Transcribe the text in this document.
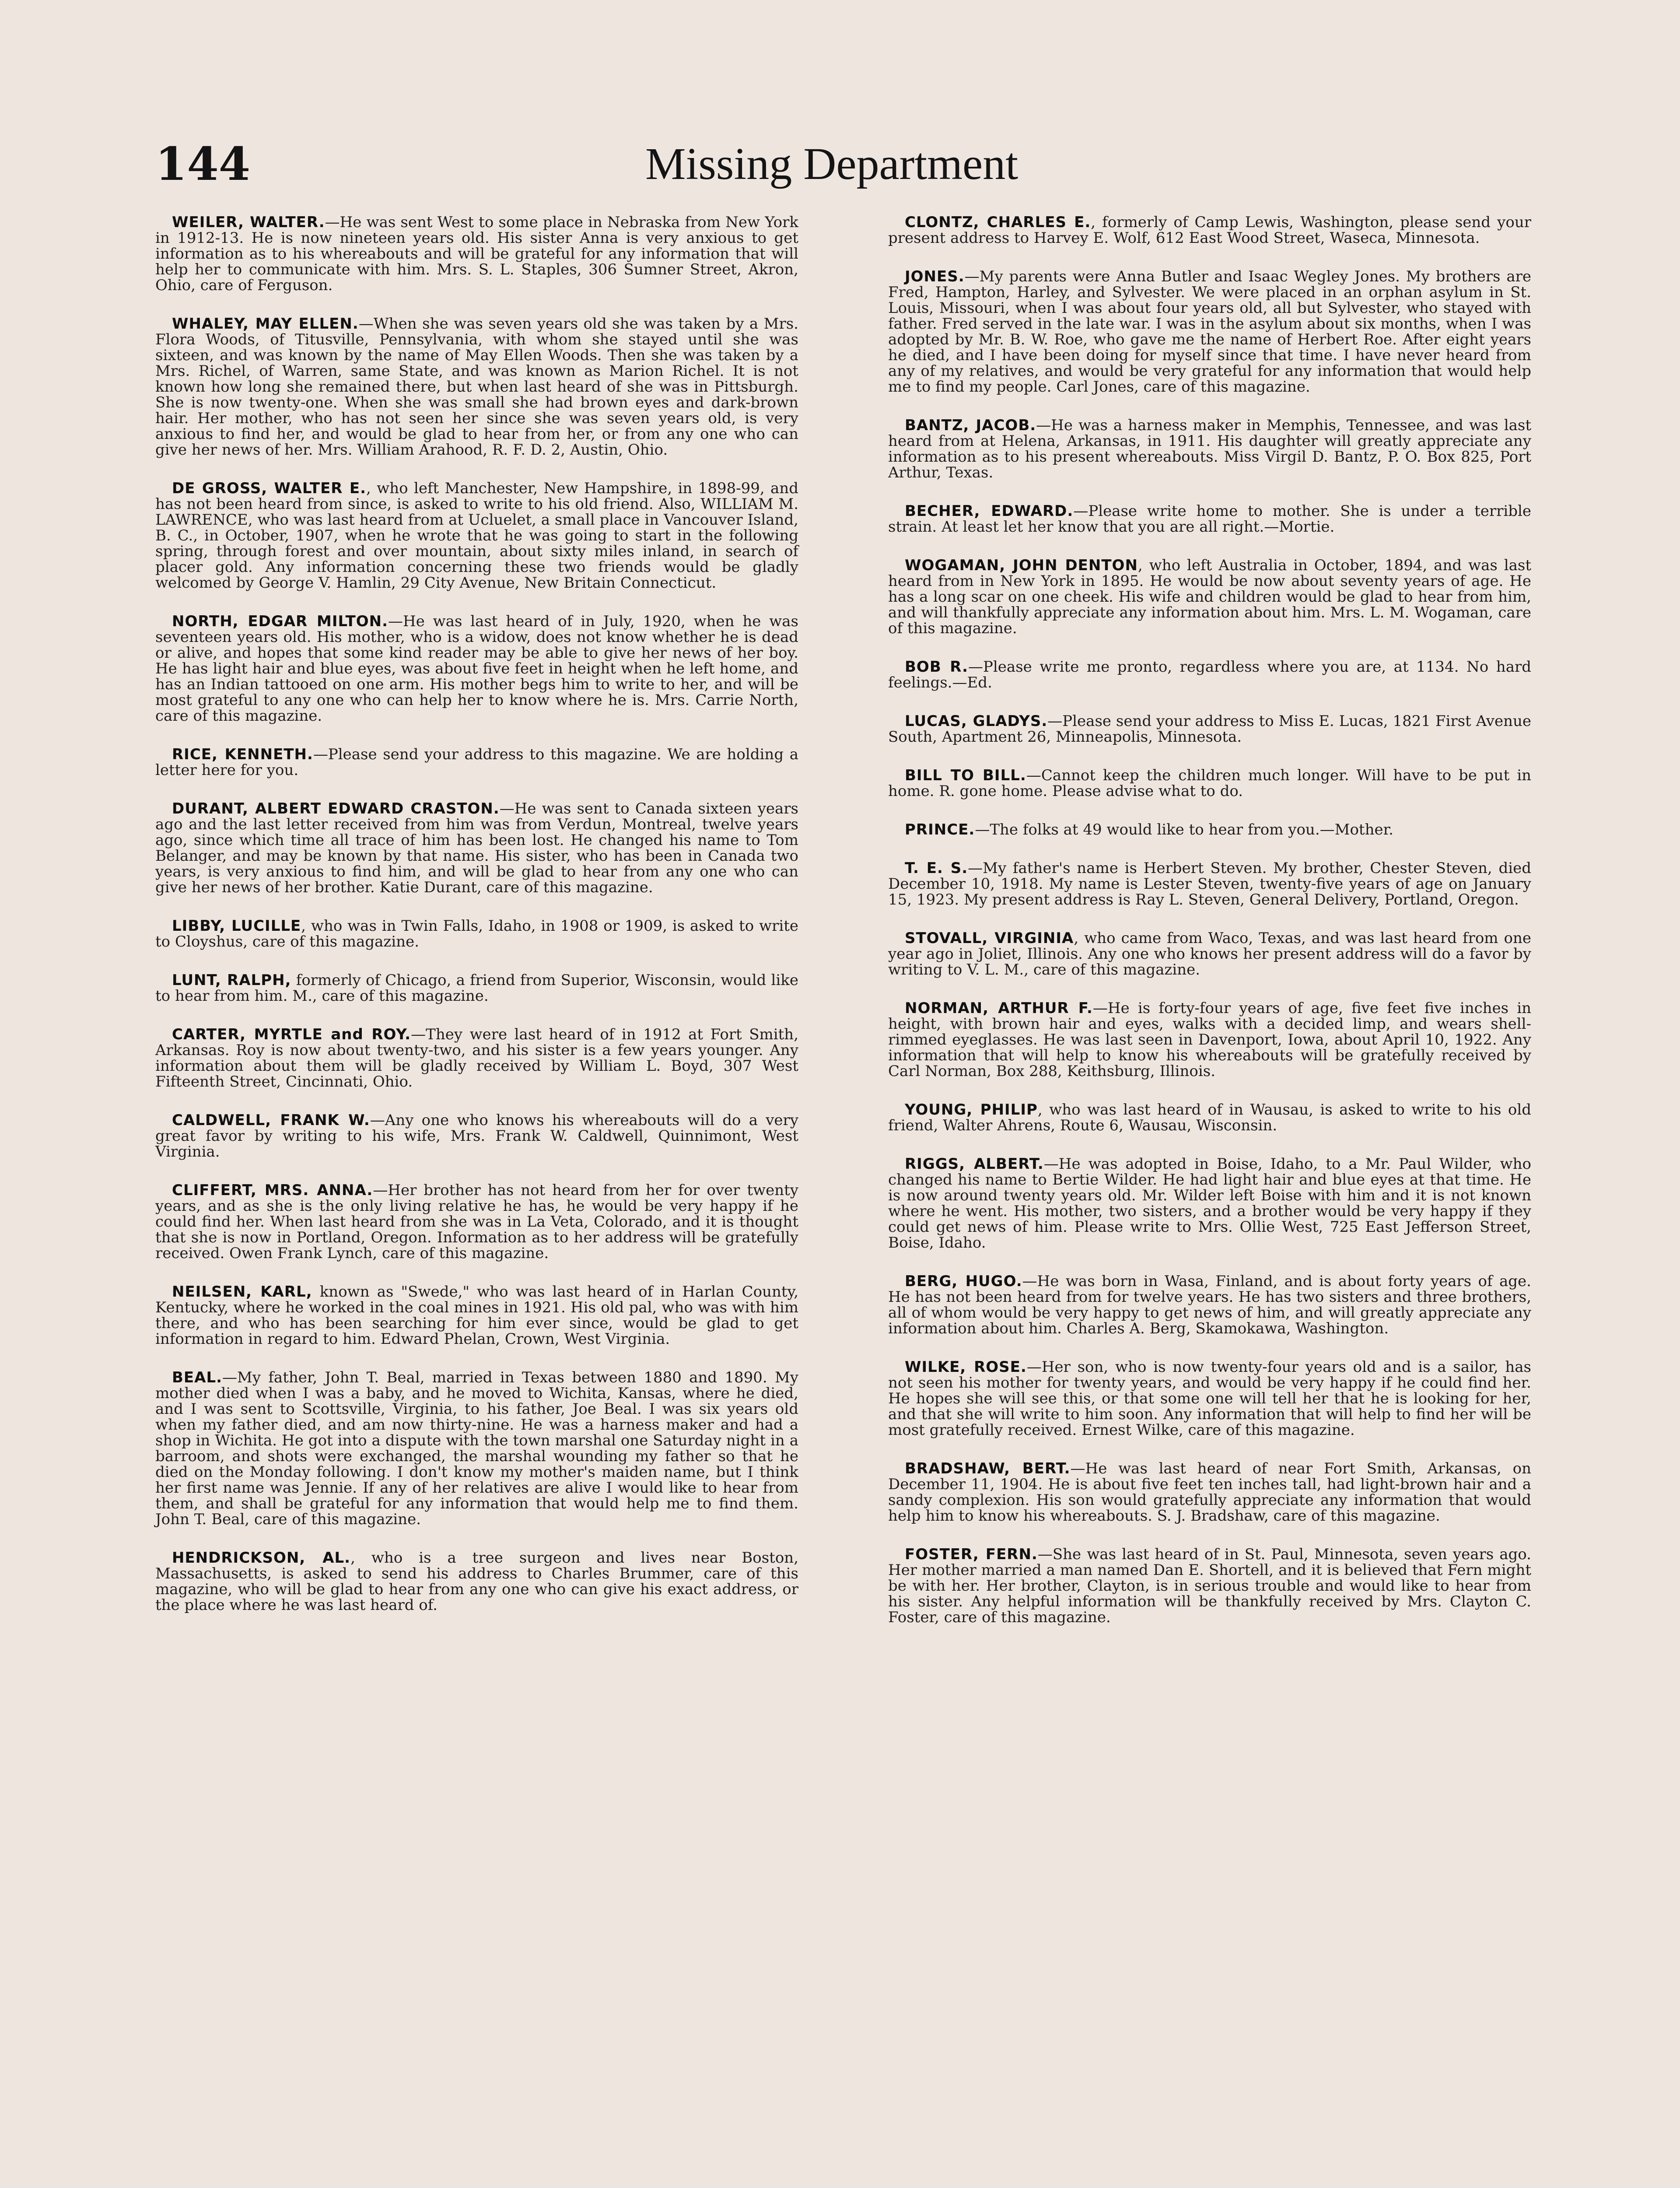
144	Missing Department

WEILER, WALTER.—He was sent West to some place in Nebraska from New York in 1912-13. He is now nineteen years old. His sister Anna is very anxious to get information as to his whereabouts and will be grateful for any information that will help her to communicate with him. Mrs. S. L. Staples, 306 Sumner Street, Akron, Ohio, care of Ferguson.

WHALEY, MAY ELLEN.—When she was seven years old she was taken by a Mrs. Flora Woods, of Titusville, Pennsylvania, with whom she stayed until she was sixteen, and was known by the name of May Ellen Woods. Then she was taken by a Mrs. Richel, of Warren, same State, and was known as Marion Richel. It is not known how long she remained there, but when last heard of she was in Pittsburgh. She is now twenty-one. When she was small she had brown eyes and dark-brown hair. Her mother, who has not seen her since she was seven years old, is very anxious to find her, and would be glad to hear from her, or from any one who can give her news of her. Mrs. William Arahood, R. F. D. 2, Austin, Ohio.

DE GROSS, WALTER E., who left Manchester, New Hampshire, in 1898-99, and has not been heard from since, is asked to write to his old friend. Also, WILLIAM M. LAWRENCE, who was last heard from at Ucluelet, a small place in Vancouver Island, B. C., in October, 1907, when he wrote that he was going to start in the following spring, through forest and over mountain, about sixty miles inland, in search of placer gold. Any information concerning these two friends would be gladly welcomed by George V. Hamlin, 29 City Avenue, New Britain Connecticut.

NORTH, EDGAR MILTON.—He was last heard of in July, 1920, when he was seventeen years old. His mother, who is a widow, does not know whether he is dead or alive, and hopes that some kind reader may be able to give her news of her boy. He has light hair and blue eyes, was about five feet in height when he left home, and has an Indian tattooed on one arm. His mother begs him to write to her, and will be most grateful to any one who can help her to know where he is. Mrs. Carrie North, care of this magazine.

RICE, KENNETH.—Please send your address to this magazine. We are holding a letter here for you.

DURANT, ALBERT EDWARD CRASTON.—He was sent to Canada sixteen years ago and the last letter received from him was from Verdun, Montreal, twelve years ago, since which time all trace of him has been lost. He changed his name to Tom Belanger, and may be known by that name. His sister, who has been in Canada two years, is very anxious to find him, and will be glad to hear from any one who can give her news of her brother. Katie Durant, care of this magazine.

LIBBY, LUCILLE, who was in Twin Falls, Idaho, in 1908 or 1909, is asked to write to Cloyshus, care of this magazine.

LUNT, RALPH, formerly of Chicago, a friend from Superior, Wisconsin, would like to hear from him. M., care of this magazine.

CARTER, MYRTLE and ROY.—They were last heard of in 1912 at Fort Smith, Arkansas. Roy is now about twenty-two, and his sister is a few years younger. Any information about them will be gladly received by William L. Boyd, 307 West Fifteenth Street, Cincinnati, Ohio.

CALDWELL, FRANK W.—Any one who knows his whereabouts will do a very great favor by writing to his wife, Mrs. Frank W. Caldwell, Quinnimont, West Virginia.

CLIFFERT, MRS. ANNA.—Her brother has not heard from her for over twenty years, and as she is the only living relative he has, he would be very happy if he could find her. When last heard from she was in La Veta, Colorado, and it is thought that she is now in Portland, Oregon. Information as to her address will be gratefully received. Owen Frank Lynch, care of this magazine.

NEILSEN, KARL, known as "Swede," who was last heard of in Harlan County, Kentucky, where he worked in the coal mines in 1921. His old pal, who was with him there, and who has been searching for him ever since, would be glad to get information in regard to him. Edward Phelan, Crown, West Virginia.

BEAL.—My father, John T. Beal, married in Texas between 1880 and 1890. My mother died when I was a baby, and he moved to Wichita, Kansas, where he died, and I was sent to Scottsville, Virginia, to his father, Joe Beal. I was six years old when my father died, and am now thirty-nine. He was a harness maker and had a shop in Wichita. He got into a dispute with the town marshal one Saturday night in a barroom, and shots were exchanged, the marshal wounding my father so that he died on the Monday following. I don't know my mother's maiden name, but I think her first name was Jennie. If any of her relatives are alive I would like to hear from them, and shall be grateful for any information that would help me to find them. John T. Beal, care of this magazine.

HENDRICKSON, AL., who is a tree surgeon and lives near Boston, Massachusetts, is asked to send his address to Charles Brummer, care of this magazine, who will be glad to hear from any one who can give his exact address, or the place where he was last heard of.

CLONTZ, CHARLES E., formerly of Camp Lewis, Washington, please send your present address to Harvey E. Wolf, 612 East Wood Street, Waseca, Minnesota.

JONES.—My parents were Anna Butler and Isaac Wegley Jones. My brothers are Fred, Hampton, Harley, and Sylvester. We were placed in an orphan asylum in St. Louis, Missouri, when I was about four years old, all but Sylvester, who stayed with father. Fred served in the late war. I was in the asylum about six months, when I was adopted by Mr. B. W. Roe, who gave me the name of Herbert Roe. After eight years he died, and I have been doing for myself since that time. I have never heard from any of my relatives, and would be very grateful for any information that would help me to find my people. Carl Jones, care of this magazine.

BANTZ, JACOB.—He was a harness maker in Memphis, Tennessee, and was last heard from at Helena, Arkansas, in 1911. His daughter will greatly appreciate any information as to his present whereabouts. Miss Virgil D. Bantz, P. O. Box 825, Port Arthur, Texas.

BECHER, EDWARD.—Please write home to mother. She is under a terrible strain. At least let her know that you are all right.—Mortie.

WOGAMAN, JOHN DENTON, who left Australia in October, 1894, and was last heard from in New York in 1895. He would be now about seventy years of age. He has a long scar on one cheek. His wife and children would be glad to hear from him, and will thankfully appreciate any information about him. Mrs. L. M. Wogaman, care of this magazine.

BOB R.—Please write me pronto, regardless where you are, at 1134. No hard feelings.—Ed.

LUCAS, GLADYS.—Please send your address to Miss E. Lucas, 1821 First Avenue South, Apartment 26, Minneapolis, Minnesota.

BILL TO BILL.—Cannot keep the children much longer. Will have to be put in home. R. gone home. Please advise what to do.

PRINCE.—The folks at 49 would like to hear from you.—Mother.

T. E. S.—My father's name is Herbert Steven. My brother, Chester Steven, died December 10, 1918. My name is Lester Steven, twenty-five years of age on January 15, 1923. My present address is Ray L. Steven, General Delivery, Portland, Oregon.

STOVALL, VIRGINIA, who came from Waco, Texas, and was last heard from one year ago in Joliet, Illinois. Any one who knows her present address will do a favor by writing to V. L. M., care of this magazine.

NORMAN, ARTHUR F.—He is forty-four years of age, five feet five inches in height, with brown hair and eyes, walks with a decided limp, and wears shell-rimmed eyeglasses. He was last seen in Davenport, Iowa, about April 10, 1922. Any information that will help to know his whereabouts will be gratefully received by Carl Norman, Box 288, Keithsburg, Illinois.

YOUNG, PHILIP, who was last heard of in Wausau, is asked to write to his old friend, Walter Ahrens, Route 6, Wausau, Wisconsin.

RIGGS, ALBERT.—He was adopted in Boise, Idaho, to a Mr. Paul Wilder, who changed his name to Bertie Wilder. He had light hair and blue eyes at that time. He is now around twenty years old. Mr. Wilder left Boise with him and it is not known where he went. His mother, two sisters, and a brother would be very happy if they could get news of him. Please write to Mrs. Ollie West, 725 East Jefferson Street, Boise, Idaho.

BERG, HUGO.—He was born in Wasa, Finland, and is about forty years of age. He has not been heard from for twelve years. He has two sisters and three brothers, all of whom would be very happy to get news of him, and will greatly appreciate any information about him. Charles A. Berg, Skamokawa, Washington.

WILKE, ROSE.—Her son, who is now twenty-four years old and is a sailor, has not seen his mother for twenty years, and would be very happy if he could find her. He hopes she will see this, or that some one will tell her that he is looking for her, and that she will write to him soon. Any information that will help to find her will be most gratefully received. Ernest Wilke, care of this magazine.

BRADSHAW, BERT.—He was last heard of near Fort Smith, Arkansas, on December 11, 1904. He is about five feet ten inches tall, had light-brown hair and a sandy complexion. His son would gratefully appreciate any information that would help him to know his whereabouts. S. J. Bradshaw, care of this magazine.

FOSTER, FERN.—She was last heard of in St. Paul, Minnesota, seven years ago. Her mother married a man named Dan E. Shortell, and it is believed that Fern might be with her. Her brother, Clayton, is in serious trouble and would like to hear from his sister. Any helpful information will be thankfully received by Mrs. Clayton C. Foster, care of this magazine.
